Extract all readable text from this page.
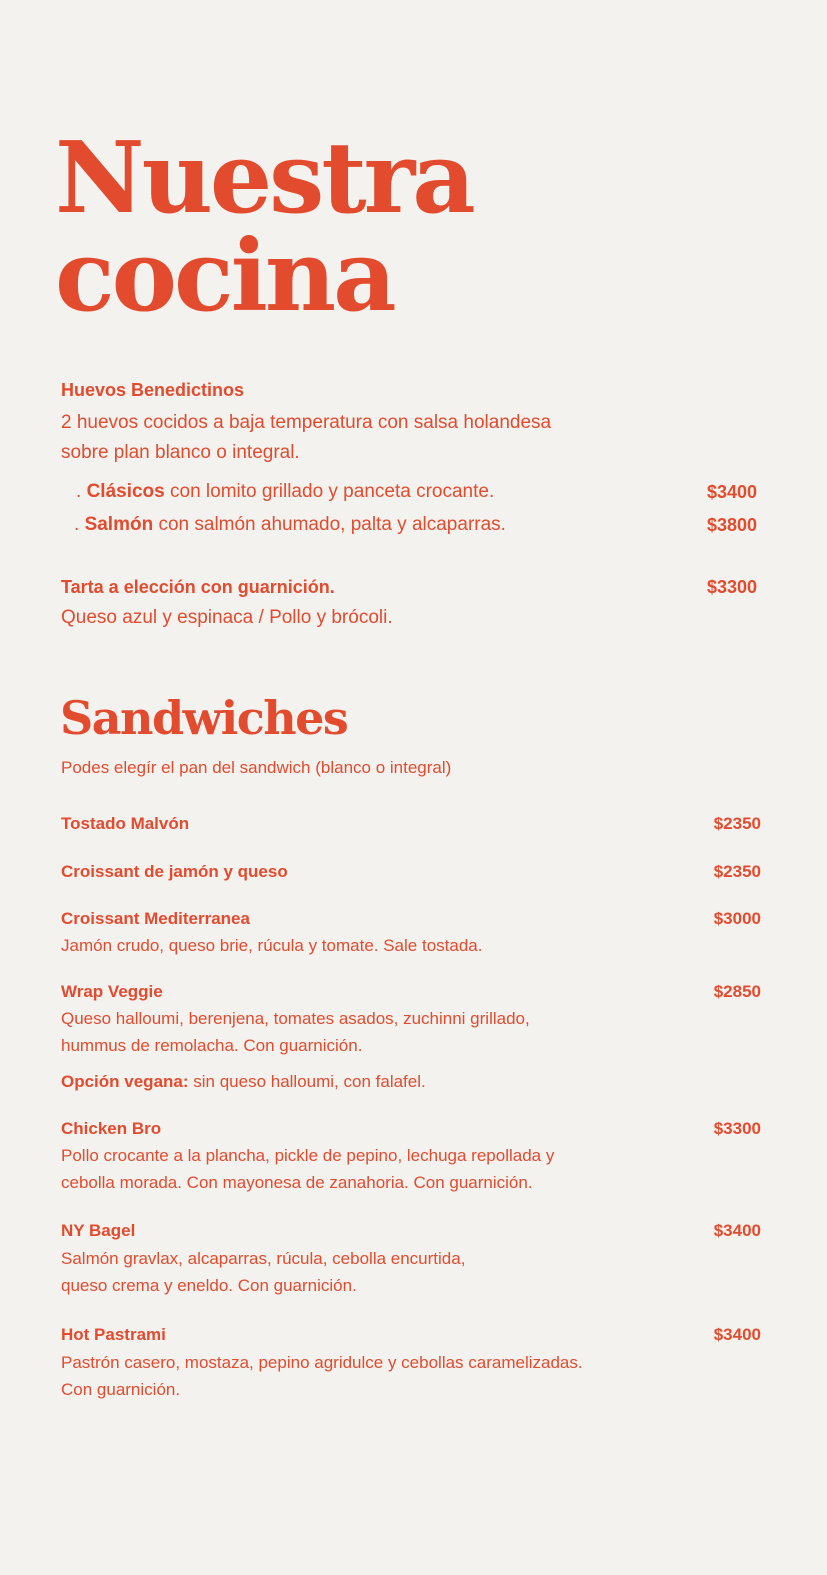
Nuestra
cocina
Huevos Benedictinos
2 huevos cocidos a baja temperatura con salsa holandesa
sobre plan blanco o integral.
. Clásicos con lomito grillado y panceta crocante.	$3400
. Salmón con salmón ahumado, palta y alcaparras.	$3800
Tarta a elección con guarnición.	$3300
Queso azul y espinaca / Pollo y brócoli.
Sandwiches
Podes elegír el pan del sandwich (blanco o integral)
Tostado Malvón	$2350
Croissant de jamón y queso	$2350
Croissant Mediterranea	$3000
Jamón crudo, queso brie, rúcula y tomate. Sale tostada.
Wrap Veggie	$2850
Queso halloumi, berenjena, tomates asados, zuchinni grillado,
hummus de remolacha. Con guarnición.
Opción vegana: sin queso halloumi, con falafel.
Chicken Bro	$3300
Pollo crocante a la plancha, pickle de pepino, lechuga repollada y
cebolla morada. Con mayonesa de zanahoria. Con guarnición.
NY Bagel	$3400
Salmón gravlax, alcaparras, rúcula, cebolla encurtida,
queso crema y eneldo. Con guarnición.
Hot Pastrami	$3400
Pastrón casero, mostaza, pepino agridulce y cebollas caramelizadas.
Con guarnición.
